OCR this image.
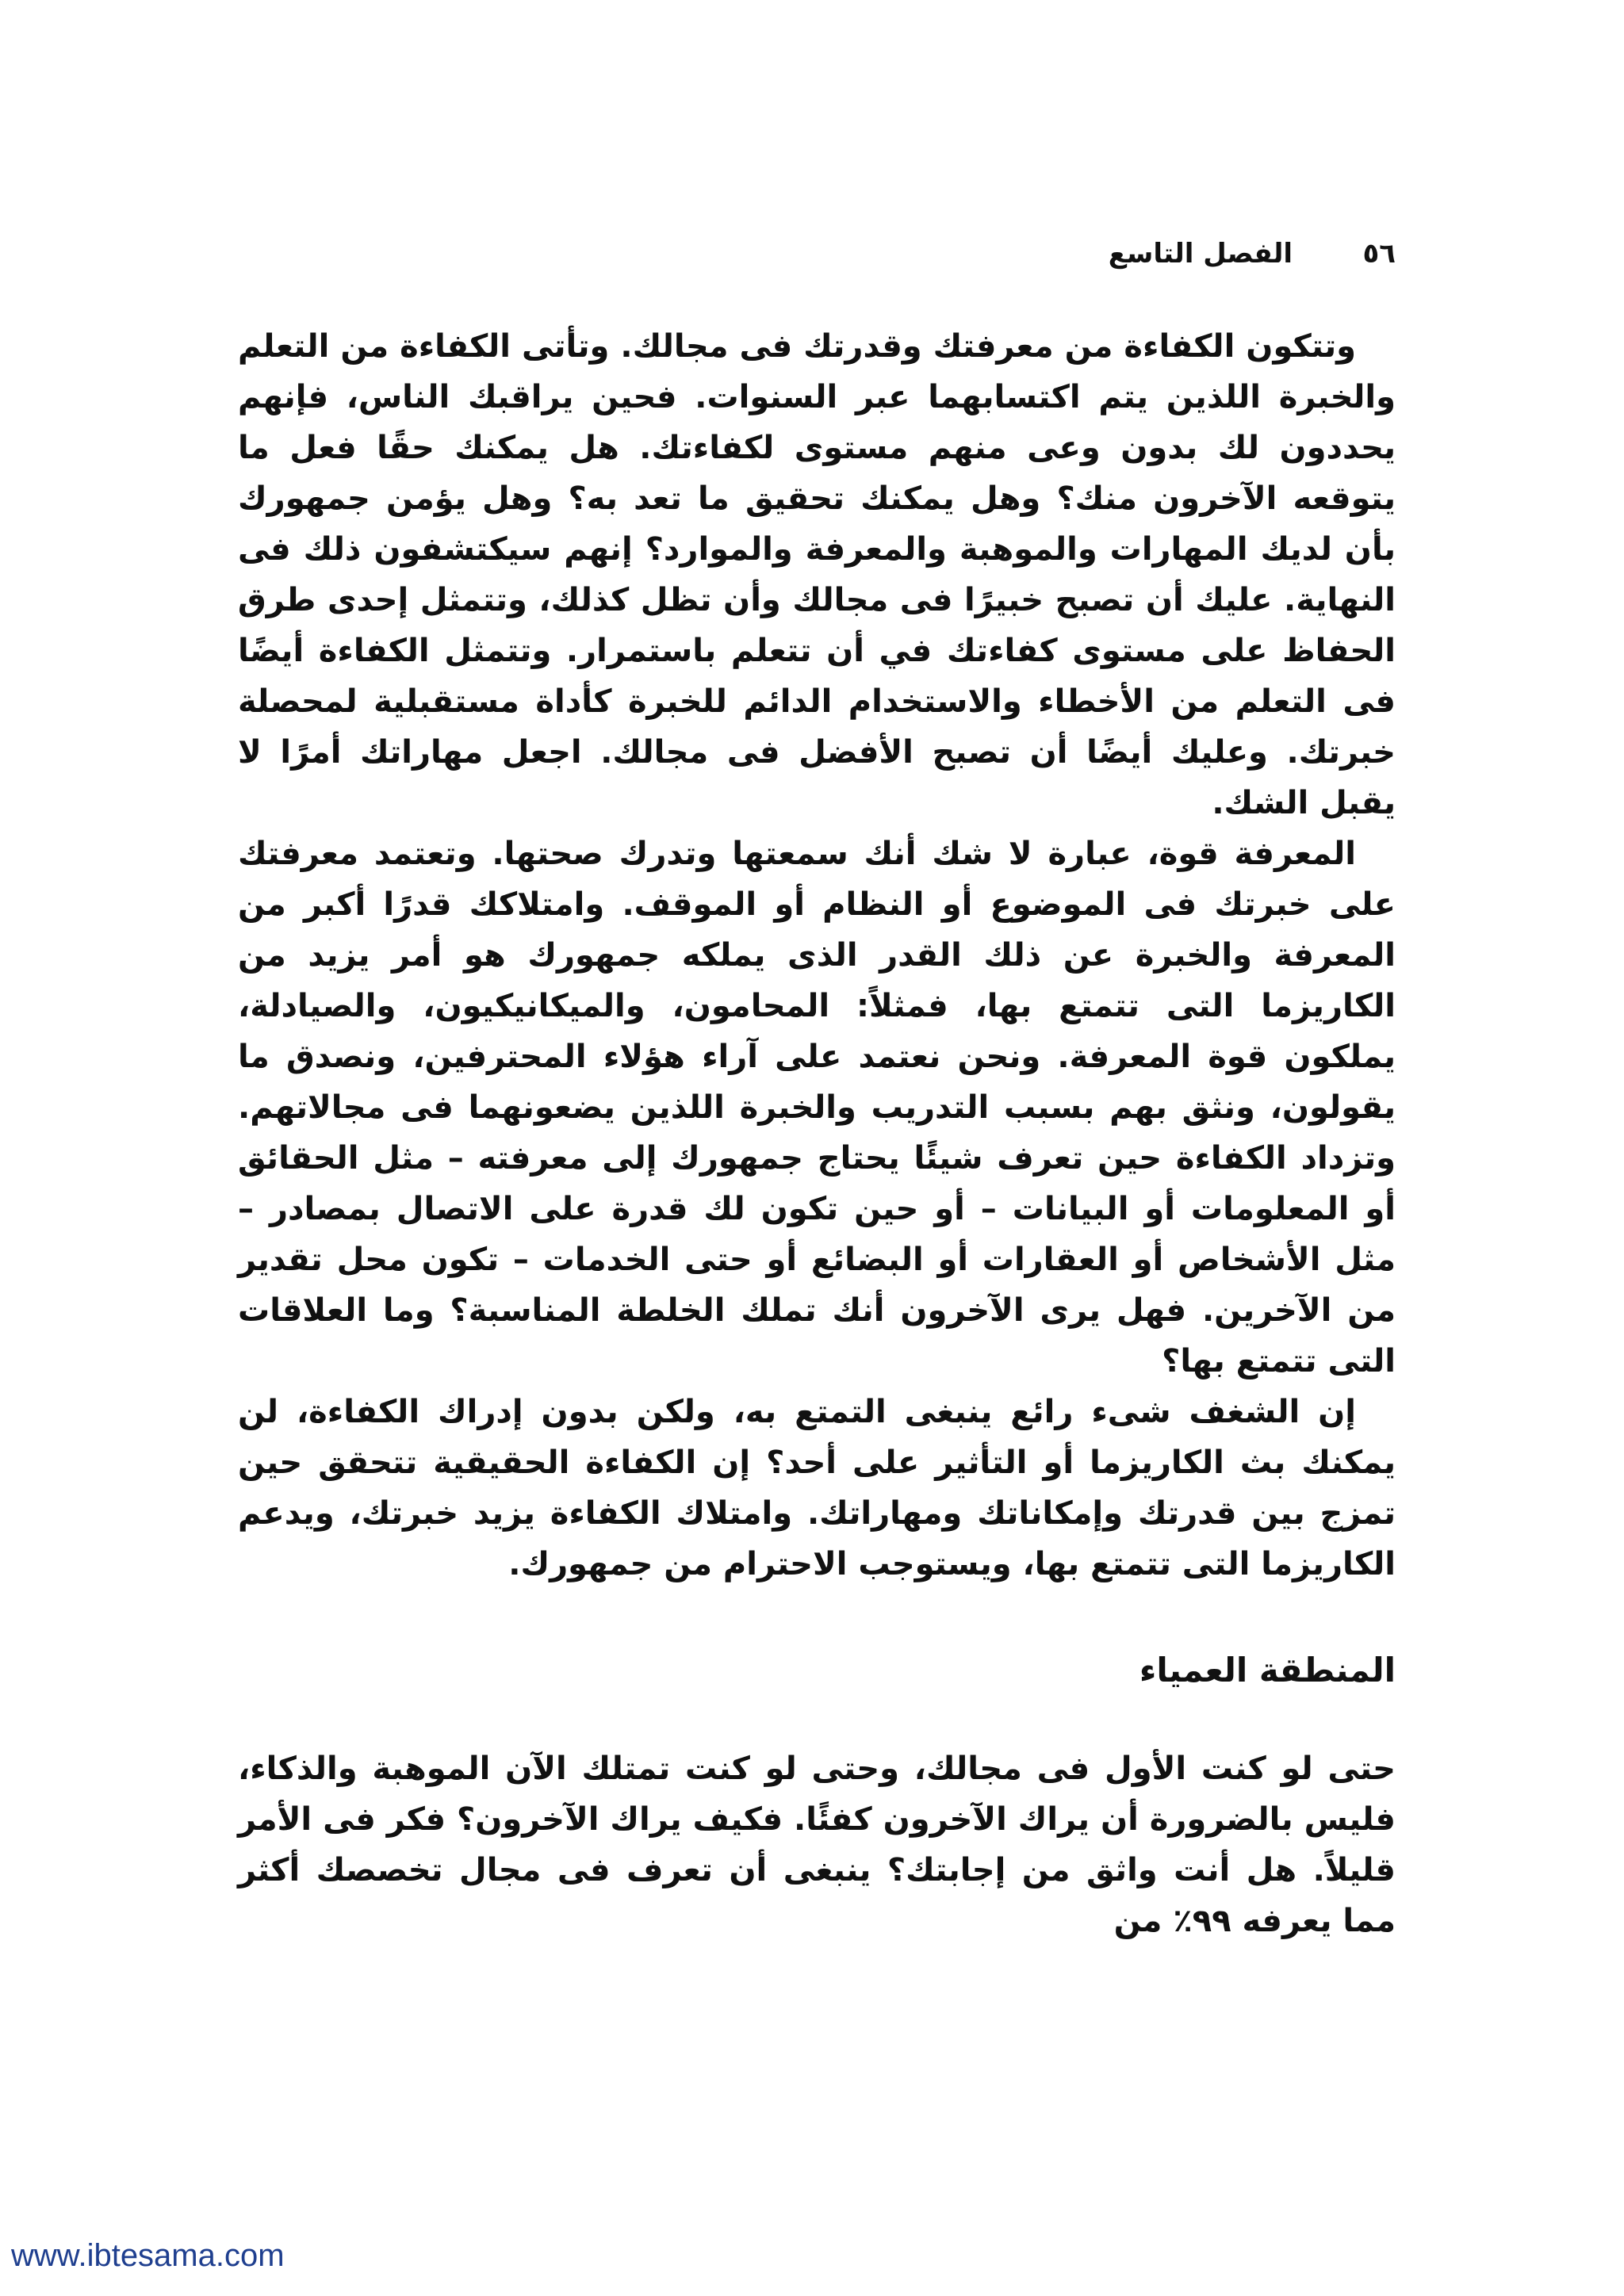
٥٦
الفصل التاسع

وتتكون الكفاءة من معرفتك وقدرتك فى مجالك. وتأتى الكفاءة من التعلم والخبرة اللذين يتم اكتسابهما عبر السنوات. فحين يراقبك الناس، فإنهم يحددون لك بدون وعى منهم مستوى لكفاءتك. هل يمكنك حقًا فعل ما يتوقعه الآخرون منك؟ وهل يمكنك تحقيق ما تعد به؟ وهل يؤمن جمهورك بأن لديك المهارات والموهبة والمعرفة والموارد؟ إنهم سيكتشفون ذلك فى النهاية. عليك أن تصبح خبيرًا فى مجالك وأن تظل كذلك، وتتمثل إحدى طرق الحفاظ على مستوى كفاءتك في أن تتعلم باستمرار. وتتمثل الكفاءة أيضًا فى التعلم من الأخطاء والاستخدام الدائم للخبرة كأداة مستقبلية لمحصلة خبرتك. وعليك أيضًا أن تصبح الأفضل فى مجالك. اجعل مهاراتك أمرًا لا يقبل الشك.

المعرفة قوة، عبارة لا شك أنك سمعتها وتدرك صحتها. وتعتمد معرفتك على خبرتك فى الموضوع أو النظام أو الموقف. وامتلاكك قدرًا أكبر من المعرفة والخبرة عن ذلك القدر الذى يملكه جمهورك هو أمر يزيد من الكاريزما التى تتمتع بها، فمثلاً: المحامون، والميكانيكيون، والصيادلة، يملكون قوة المعرفة. ونحن نعتمد على آراء هؤلاء المحترفين، ونصدق ما يقولون، ونثق بهم بسبب التدريب والخبرة اللذين يضعونهما فى مجالاتهم. وتزداد الكفاءة حين تعرف شيئًا يحتاج جمهورك إلى معرفته – مثل الحقائق أو المعلومات أو البيانات – أو حين تكون لك قدرة على الاتصال بمصادر – مثل الأشخاص أو العقارات أو البضائع أو حتى الخدمات – تكون محل تقدير من الآخرين. فهل يرى الآخرون أنك تملك الخلطة المناسبة؟ وما العلاقات التى تتمتع بها؟

إن الشغف شىء رائع ينبغى التمتع به، ولكن بدون إدراك الكفاءة، لن يمكنك بث الكاريزما أو التأثير على أحد؟ إن الكفاءة الحقيقية تتحقق حين تمزج بين قدرتك وإمكاناتك ومهاراتك. وامتلاك الكفاءة يزيد خبرتك، ويدعم الكاريزما التى تتمتع بها، ويستوجب الاحترام من جمهورك.

المنطقة العمياء

حتى لو كنت الأول فى مجالك، وحتى لو كنت تمتلك الآن الموهبة والذكاء، فليس بالضرورة أن يراك الآخرون كفئًا. فكيف يراك الآخرون؟ فكر فى الأمر قليلاً. هل أنت واثق من إجابتك؟ ينبغى أن تعرف فى مجال تخصصك أكثر مما يعرفه ٩٩٪ من

www.ibtesama.com
